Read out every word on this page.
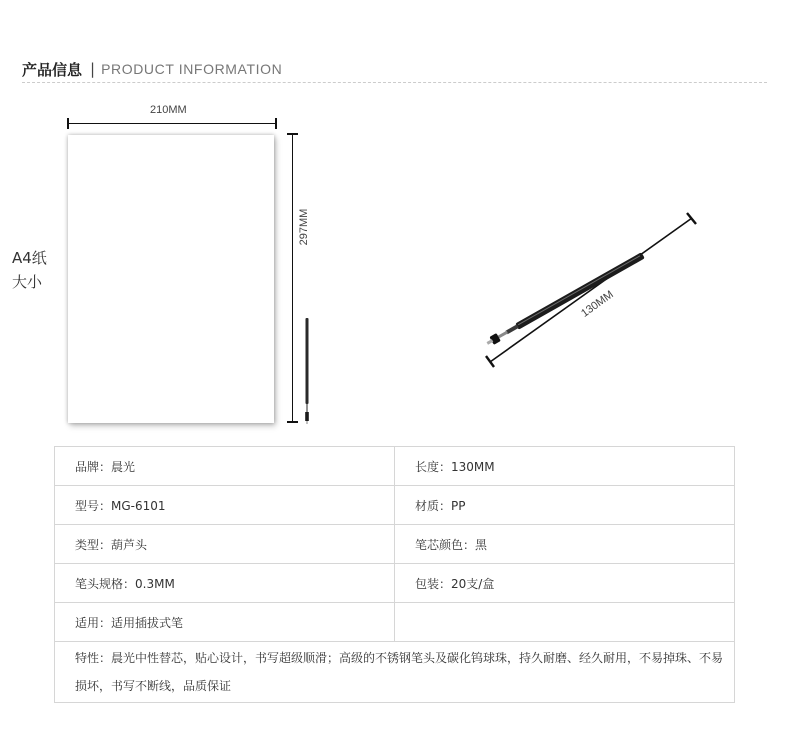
产品信息 | PRODUCT INFORMATION
A4纸
大小
210MM
297MM
130MM
品牌：晨光	长度：130MM
型号：MG-6101	材质：PP
类型：葫芦头	笔芯颜色：黑
笔头规格：0.3MM	包装：20支/盒
适用：适用插拔式笔	
特性：晨光中性替芯，贴心设计，书写超级顺滑；高级的不锈钢笔头及碳化钨球珠，持久耐磨、经久耐用，不易掉珠、不易损坏，书写不断线，品质保证	
